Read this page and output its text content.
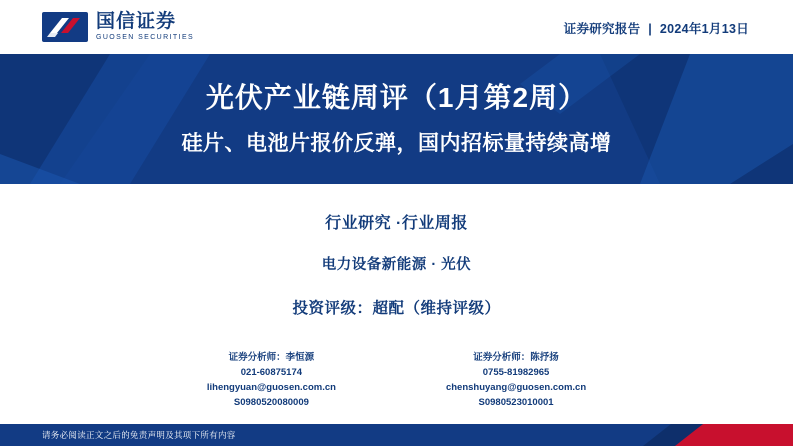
国信证券
GUOSEN SECURITIES
证券研究报告 | 2024年1月13日
光伏产业链周评（1月第2周）
硅片、电池片报价反弹，国内招标量持续高增
行业研究 ·行业周报
电力设备新能源 · 光伏
投资评级：超配（维持评级）
证券分析师：李恒源
021-60875174
lihengyuan@guosen.com.cn
S0980520080009
证券分析师：陈抒扬
0755-81982965
chenshuyang@guosen.com.cn
S0980523010001
请务必阅读正文之后的免责声明及其项下所有内容
